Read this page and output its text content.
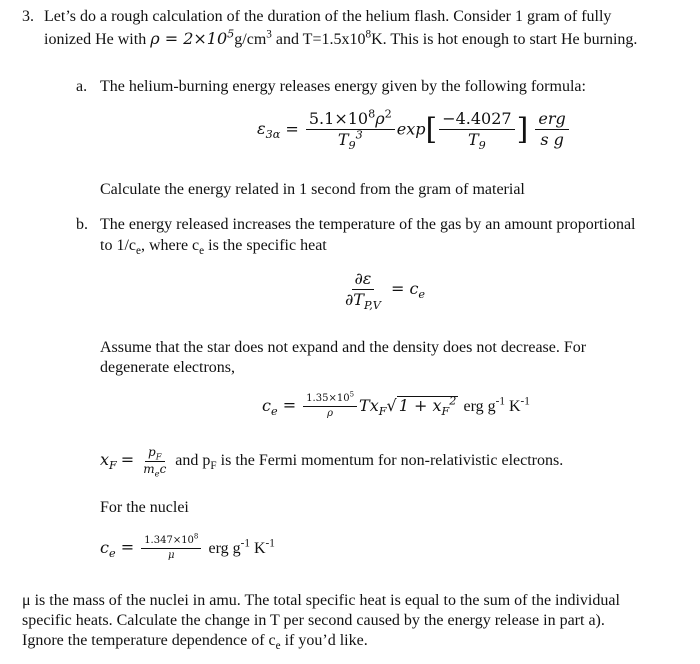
3. Let’s do a rough calculation of the duration of the helium flash. Consider 1 gram of fully
ionized He with $\rho = 2\times 10^5g/cm^3$ and $T=1.5x10^8K$. This is hot enough to start He burning.
a. The helium-burning energy releases energy given by the following formula:
$\varepsilon_{3\alpha} = \frac{5.1\times 10^8\rho^2}{T_9^3} \exp[ \frac{-4.4027}{T_9}$ ] $\frac{\text{erg}}{\text{s g}}$
Calculate the energy related in 1 second from the gram of material
b. The energy released increases the temperature of the gas by an amount proportional
to $1/c_e$, where $c_e$ is the specific heat
$\frac{\partial\varepsilon}{\partial T_{P,V}} = c_e$
Assume that the star does not expand and the density does not decrease. For
degenerate electrons,
$c_e = \frac{1.35\times 10^5}{\rho} Tx_F√$ $1 + x_F^2$ erg $g^{-1}$ $K^{-1}$
$x_F = \frac{p_F}{m_ec}$ and $p_F$ is the Fermi momentum for non-relativistic electrons.
For the nuclei
$c_e = \frac{1.347\times 10^8}{\mu}$ erg $g^{-1}$ $K^{-1}$
μ is the mass of the nuclei in amu. The total specific heat is equal to the sum of the individual
specific heats. Calculate the change in T per second caused by the energy release in part a).
Ignore the temperature dependence of $c_e$ if you’d like.
